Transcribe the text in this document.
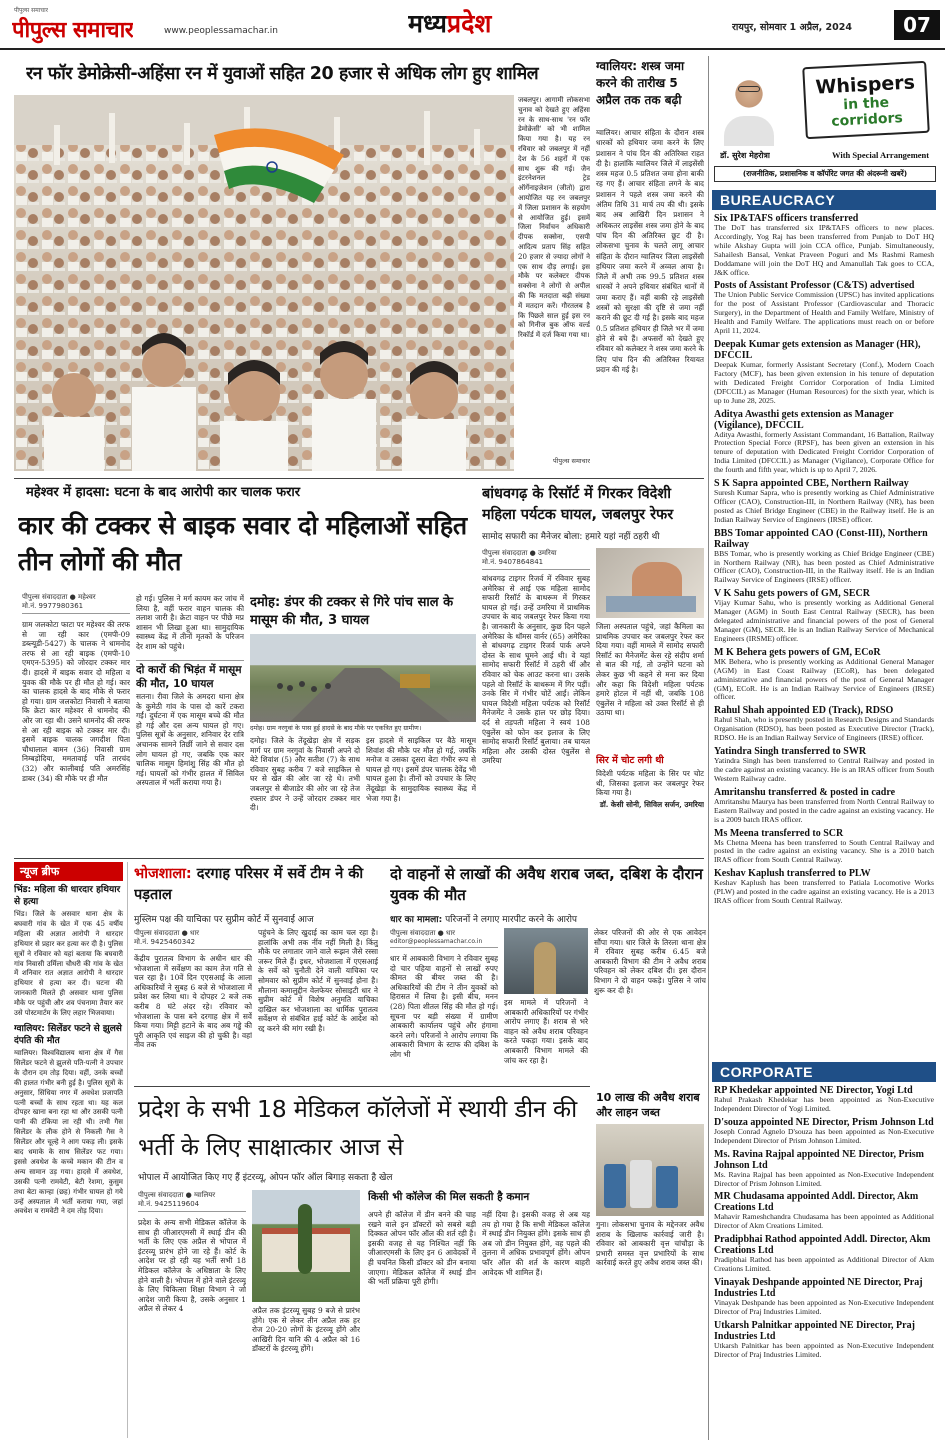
पीपुल्स समाचार
पीपुल्स समाचार	www.peoplessamachar.in	मध्यप्रदेश	रायपुर, सोमवार 1 अप्रैल, 2024	07
रन फॉर डेमोक्रेसी-अहिंसा रन में युवाओं सहित 20 हजार से अधिक लोग हुए शामिल
जबलपुर। आगामी लोकसभा चुनाव को देखते हुए अहिंसा रन के साथ-साथ 'रन फॉर डेमोक्रेसी' को भी शामिल किया गया है। यह रन रविवार को जबलपुर में नहीं देश के 56 शहरों में एक साथ शुरू की गई। जैन इंटरनेशनल ट्रेड ऑर्गेनाइजेशन (जीतो) द्वारा आयोजित यह रन जबलपुर में जिला प्रशासन के सहयोग से आयोजित हुई। इसमें जिला निर्वाचन अधिकारी दीपक सक्सेना, एसपी आदित्य प्रताप सिंह सहित 20 हजार से ज्यादा लोगों ने एक साथ दौड़ लगाई। इस मौके पर कलेक्टर दीपक सक्सेना ने लोगों से अपील की कि मतदाता बढ़ी संख्या में मतदान करें। गौरतलब है कि पिछले साल हुई इस रन को गिनीज बुक ऑफ वर्ल्ड रिकॉर्ड में दर्ज किया गया था।
पीपुल्स समाचार
ग्वालियर: शस्त्र जमा करने की तारीख 5 अप्रैल तक तक बढ़ी
ग्वालियर। आचार संहिता के दौरान शस्त्र धारकों को हथियार जमा करने के लिए प्रशासन ने पांच दिन की अतिरिक्त राहत दी है। हालांकि ग्वालियर जिले में लाइसेंसी शस्त्र महज 0.5 प्रतिशत जमा होना बाकी रह गए हैं। आचार संहिता लगने के बाद प्रशासन ने पहले शस्त्र जमा करने की अंतिम तिथि 31 मार्च तय की थी। इसके बाद अब आखिरी दिन प्रशासन ने अधिकतर लाइसेंस शस्त्र जमा होने के बाद पांच दिन की अतिरिक्त छूट दी है। लोकसभा चुनाव के चलते लागू आचार संहिता के दौरान ग्वालियर जिला लाइसेंसी हथियार जमा करने में अव्वल आया है। जिले में अभी तक 99.5 प्रतिशत शस्त्र धारकों ने अपने हथियार संबंधित थानों में जमा कराए हैं। वहीं बाकी रहे लाइसेंसी शस्त्रों को सुरक्षा की दृष्टि से जमा नहीं कराने की छूट दी गई है। इसके बाद महज 0.5 प्रतिशत हथियार ही जिले भर में जमा होने से बचे हैं। अफसरों को देखते हुए रविवार को कलेक्टर ने शस्त्र जमा करने के लिए पांच दिन की अतिरिक्त रियायत प्रदान की गई है।
Whispers
in the corridors
डॉ. सुरेश मेहरोत्रा	With Special Arrangement
(राजनीतिक, प्रशासनिक व कॉर्पोरेट जगत की अंदरूनी खबरें)
BUREAUCRACY
Six IP&TAFS officers transferred

The DoT has transferred six IP&TAFS officers to new places. Accordingly, Yog Raj has been transferred from Punjab to DoT HQ while Akshay Gupta will join CCA office, Punjab. Simultaneously, Sahailesh Bansal, Venkat Praveen Poguri and Ms Rashmi Ramesh Doddamane will join the DoT HQ and Amanullah Tak goes to CCA, J&K office.

Posts of Assistant Professor (C&TS) advertised

The Union Public Service Commission (UPSC) has invited applications for the post of Assistant Professor (Cardiovascular and Thoracic Surgery), in the Department of Health and Family Welfare, Ministry of Health and Family Welfare. The applications must reach on or before April 11, 2024.

Deepak Kumar gets extension as Manager (HR), DFCCIL

Deepak Kumar, formerly Assistant Secretary (Conf.), Modern Coach Factory (MCF), has been given extension in his tenure of deputation with Dedicated Freight Corridor Corporation of India Limited (DFCCIL) as Manager (Human Resources) for the sixth year, which is up to June 28, 2025.

Aditya Awasthi gets extension as Manager (Vigilance), DFCCIL

Aditya Awasthi, formerly Assistant Commandant, 16 Battalion, Railway Protection Special Force (RPSF), has been given an extension in his tenure of deputation with Dedicated Freight Corridor Corporation of India Limited (DFCCIL) as Manager (Vigilance), Corporate Office for the fourth and fifth year, which is up to April 7, 2026.

S K Sapra appointed CBE, Northern Railway

Suresh Kumar Sapra, who is presently working as Chief Administrative Officer (CAO), Construction-III, in Northern Railway (NR), has been posted as Chief Bridge Engineer (CBE) in the Railway itself. He is an Indian Railway Service of Engineers (IRSE) officer.

BBS Tomar appointed CAO (Const-III), Northern Railway

BBS Tomar, who is presently working as Chief Bridge Engineer (CBE) in Northern Railway (NR), has been posted as Chief Administrative Officer (CAO), Construction-III, in the Railway itself. He is an Indian Railway Service of Engineers (IRSE) officer.

V K Sahu gets powers of GM, SECR

Vijay Kumar Sahu, who is presently working as Additional General Manager (AGM) in South East Central Railway (SECR), has been delegated administrative and financial powers of the post of General Manager (GM), SECR. He is an Indian Railway Service of Mechanical Engineers (IRSME) officer.

M K Behera gets powers of GM, ECoR

MK Behera, who is presently working as Additional General Manager (AGM) in East Coast Railway (ECoR), has been delegated administrative and financial powers of the post of General Manager (GM), ECoR. He is an Indian Railway Service of Engineers (IRSE) officer.

Rahul Shah appointed ED (Track), RDSO

Rahul Shah, who is presently posted in Research Designs and Standards Organisation (RDSO), has been posted as Executive Director (Track), RDSO. He is an Indian Railway Service of Engineers (IRSE) officer.

Yatindra Singh transferred to SWR

Yatindra Singh has been transferred to Central Railway and posted in the cadre against an existing vacancy. He is an IRAS officer from South Western Railway cadre.

Amritanshu transferred & posted in cadre

Amritanshu Maurya has been transferred from North Central Railway to Eastern Railway and posted in the cadre against an existing vacancy. He is a 2009 batch IRAS officer.

Ms Meena transferred to SCR

Ms Chetna Meena has been transferred to South Central Railway and posted in the cadre against an existing vacancy. She is a 2010 batch IRAS officer from South Central Railway.

Keshav Kaplush transferred to PLW

Keshav Kaplush has been transferred to Patiala Locomotive Works (PLW) and posted in the cadre against an existing vacancy. He is a 2013 IRAS officer from South Central Railway.

CORPORATE
RP Khedekar appointed NE Director, Yogi Ltd

Rahul Prakash Khedekar has been appointed as Non-Executive Independent Director of Yogi Limited.

D'souza appointed NE Director, Prism Johnson Ltd

Joseph Conrad Agnelo D'souza has been appointed as Non-Executive Independent Director of Prism Johnson Limited.

Ms. Ravina Rajpal appointed NE Director, Prism Johnson Ltd

Ms. Ravina Rajpal has been appointed as Non-Executive Independent Director of Prism Johnson Limited.

MR Chudasama appointed Addl. Director, Akm Creations Ltd

Mahavir Rameshchandra Chudasama has been appointed as Additional Director of Akm Creations Limited.

Pradipbhai Rathod appointed Addl. Director, Akm Creations Ltd

Pradipbhai Rathod has been appointed as Additional Director of Akm Creations Limited.

Vinayak Deshpande appointed NE Director, Praj Industries Ltd

Vinayak Deshpande has been appointed as Non-Executive Independent Director of Praj Industries Limited.

Utkarsh Palnitkar appointed NE Director, Praj Industries Ltd

Utkarsh Palnitkar has been appointed as Non-Executive Independent Director of Praj Industries Limited.

महेश्वर में हादसा: घटना के बाद आरोपी कार चालक फरार
कार की टक्कर से बाइक सवार दो महिलाओं सहित तीन लोगों की मौत
पीपुल्स संवाददाता ● महेश्वर
मो.नं. 9977980361
ग्राम जलकोटा फाटा पर महेश्वर की तरफ से जा रही कार (एमपी-09 डब्ल्यूडी-5427) के चालक ने धामनोद तरफ से आ रही बाइक (एमपी-10 एमएन-5395) को जोरदार टक्कर मार दी। हादसे में बाइक सवार दो महिला व युवक की मौके पर ही मौत हो गई। कार का चालक हादसे के बाद मौके से फरार हो गया। ग्राम जलकोटा निवासी ने बताया कि क्रेटा कार महेश्वर से धामनोद की ओर जा रहा थी। उसने धामनोद की तरफ से आ रही बाइक को टक्कर मार दी। इसमें बाइक चालक जगदीश पिता चौथालाल बामन (36) निवासी ग्राम निम्बड़ोदिया, ममतावाई पति तारचंद (32) और कालीबाई पति अमरसिंह डाबर (34) की मौके पर ही मौत
हो गई। पुलिस ने मर्ग कायम कर जांच में लिया है, वहीं फरार वाहन चालक की तलाश जारी है। क्रेटा वाहन पर पीछे मप्र शासन भी लिखा हुआ था। सामुदायिक स्वास्थ्य केंद्र में तीनों मृतकों के परिजन देर शाम को पहुंचे।
दो कारों की भिड़ंत में मासूम की मौत, 10 घायल
सतना। रीवा जिले के अमदरा थाना क्षेत्र के कुमेठी गांव के पास दो कारें टकरा गईं। दुर्घटना में एक मासूम बच्चे की मौत हो गई और दस अन्य घायल हो गए। पुलिस सूत्रों के अनुसार, शनिवार देर रात्रि अचानक सामने तिर्छी जाने से सवार दस लोग घायल हो गए, जबकि एक कार चालिक मासूम हिमांशु सिंह की मौत हो गई। घायलों को गंभीर हालत में सिविल अस्पताल में भर्ती कराया गया है।
दमोह: डंपर की टक्कर से गिरे पांच साल के मासूम की मौत, 3 घायल
दमोह। ग्राम नरगुवां के पास हुई हादसे के बाद मौके पर एकत्रित हुए ग्रामीण।
दमोह। जिले के तेंदूखेड़ा क्षेत्र में सड़क मार्ग पर ग्राम नरगुवां के निवासी अपने दो बेटे शिवांश (5) और सतीश (7) के साथ रविवार सुबह करीब 7 बजे साइकिल से घर से खेत की ओर जा रहे थे। तभी जबलपुर से बीजाडेर की ओर जा रहे तेज रफ्तार डंपर ने उन्हें जोरदार टक्कर मार दी।
इस हादसे में साइकिल पर बैठे मासूम शिवांश की मौके पर मौत हो गई, जबकि मनोज व उसका दूसरा बेटा गंभीर रूप से घायल हो गए। इसमें डंपर चालक देवेंद्र भी घायल हुआ है। तीनों को उपचार के लिए तेंदूखेड़ा के सामुदायिक स्वास्थ्य केंद्र में भेजा गया है।
बांधवगढ़ के रिसॉर्ट में गिरकर विदेशी महिला पर्यटक घायल, जबलपुर रेफर
सामोद सफारी का मैनेजर बोला: हमारे यहां नहीं ठहरी थी
पीपुल्स संवाददाता ● उमरिया
मो.नं. 9407864841
बांधवगढ़ टाइगर रिजर्व में रविवार सुबह अमेरिका से आई एक महिला सामोद सफारी रिसॉर्ट के बाथरूम में गिरकर घायल हो गई। उन्हें उमरिया में प्राथमिक उपचार के बाद जबलपुर रेफर किया गया है। जानकारी के अनुसार, कुछ दिन पहले अमेरिका के थॉमस वार्नर (65) अमेरिका से बांधवगढ़ टाइगर रिजर्व पार्क अपने दोस्त के साथ घूमने आई थी। वे यहां सामोद सफारी रिसॉर्ट में ठहरी थीं और रविवार को चेक आउट करना था। उसके पहले वो रिसॉर्ट के बाथरूम में गिर पड़ीं। उनके सिर में गंभीर चोटें आईं। लेकिन घायल विदेशी महिला पर्यटक को रिसॉर्ट मैनेजमेंट ने उसके हाल पर छोड़ दिया। दर्द से तड़पती महिला ने स्वयं 108 एंबुलेंस को फोन कर इलाज के लिए सामोद सफारी रिसॉर्ट बुलाया। तब घायल महिला और उसकी दोस्त एंबुलेंस से उमरिया
जिला अस्पताल पहुंचे, जहां कैमिला का प्राथमिक उपचार कर जबलपुर रेफर कर दिया गया। वहीं मामले में सामोद सफारी रिसॉर्ट का मैनेजमेंट केस रहे संदीप शर्मा से बात की गई, तो उन्होंने घटना को लेकर कुछ भी कहने से मना कर दिया और कहा कि विदेशी महिला पर्यटक हमारे होटल में नहीं थी, जबकि 108 एंबुलेंस ने महिला को उक्त रिसॉर्ट से ही उठाया था।
सिर में चोट लगी थी
विदेशी पर्यटक महिला के सिर पर चोट थी, जिसका इलाज कर जबलपुर रेफर किया गया है।
डॉ. केसी सोनी, सिविल सर्जन, उमरिया
न्यूज ब्रीफ
भिंड: महिला की धारदार हथियार से हत्या
भिंड। जिले के असवार थाना क्षेत्र के बघवारी गांव के खेत में एक 45 वर्षीय महिला की अज्ञात आरोपी ने धारदार हथियार से प्रहार कर हत्या कर दी है। पुलिस सूत्रों ने रविवार को यहां बताया कि बघवारी गांव निवासी उर्मिला चौधरी की गांव के खेत में शनिवार रात अज्ञात आरोपी ने धारदार हथियार से हत्या कर दी। घटना की जानकारी मिलते ही असवार थाना पुलिस मौके पर पहुंची और शव पंचनामा तैयार कर उसे पोस्टमार्टम के लिए लहार भिजवाया।
ग्वालियर: सिलेंडर फटने से झुलसे दंपति की मौत
ग्वालियर। विश्वविद्यालय थाना क्षेत्र में गैस सिलेंडर फटने से झुलसे पति-पत्नी ने उपचार के दौरान दम तोड़ दिया। वहीं, उनके बच्चों की हालत गंभीर बनी हुई है। पुलिस सूत्रों के अनुसार, सिंधिया नगर में अवधेश प्रजापति पत्नी बच्चों के साथ रहता था। यह कल दोपहर खाना बना रहा था और उसकी पत्नी पानी की टंकिया ला रही थी। तभी गैस सिलेंडर के लीक होने से निकली गैस ने सिलेंडर और चूल्हे ने आग पकड़ ली। इसके बाद धमाके के साथ सिलेंडर फट गया। इससे अवधेश के कच्चे मकान की टीन व अन्य सामान उड़ गया। हादसे में अवधेश, उसकी पत्नी रामवेटी, बेटी रेशमा, कुसुम तथा बेटा कान्हा (छह) गंभीर घायल हो गये उन्हें अस्पताल में भर्ती कराया गया, जहां अवधेश व रामवेटी ने दम तोड़ दिया।
भोजशाला: दरगाह परिसर में सर्वे टीम ने की पड़ताल
मुस्लिम पक्ष की याचिका पर सुप्रीम कोर्ट में सुनवाई आज
पीपुल्स संवाददाता ● धार
मो.नं. 9425460342
केंद्रीय पुरातत्व विभाग के अधीन धार की भोजशाला में सर्वेक्षण का काम तेज गति से चल रहा है। 10वें दिन एएसआई के आला अधिकारियों ने सुबह 6 बजे से भोजशाला में प्रवेश कर लिया था। ये दोपहर 2 बजे तक करीब 8 घंटे अंदर रहे। रविवार को भोजशाला के पास बने दरगाह क्षेत्र में सर्वे किया गया। मिट्टी हटाने के बाद अब गड्ढे की पूरी आकृति एवं साइज की हो चुकी है। वहां नीव तक
पहुंचने के लिए खुदाई का काम चल रहा है। हालांकि अभी तक नींव नहीं मिली है। किंतु मौके पर लगातार जाने वाले रूझन जैसे रस्सा जरूर मिले हैं। इधर, भोजशाला में एएसआई के सर्वे को चुनौती देने वाली याचिका पर सोमवार को सुप्रीम कोर्ट में सुनवाई होना है। मौलाना कमालुद्दीन वेलफेयर सोसाइटी धार ने सुप्रीम कोर्ट में विशेष अनुमति याचिका दाखिल कर भोजशाला का धार्मिक पुरातत्व सर्वेक्षण से संबंधित हाई कोर्ट के आदेश को रद्द करने की मांग रखी है।
दो वाहनों से लाखों की अवैध शराब जब्त, दबिश के दौरान युवक की मौत
धार का मामला: परिजनों ने लगाए मारपीट करने के आरोप
पीपुल्स संवाददाता ● धार
editor@peoplessamachar.co.in
धार में आबकारी विभाग ने रविवार सुबह दो चार पहिया वाहनों से लाखों रुपए कीमत की बीयर जब्त की है। अधिकारियों की टीम ने तीन युवकों को हिरासत में लिया है। इसी बीच, मनन (28) पिता शीतल सिंह की मौत हो गई। सूचना पर बड़ी संख्या में ग्रामीण आबकारी कार्यालय पहुंचे और हंगामा करने लगे। परिजनों ने आरोप लगाया कि आबकारी विभाग के स्टाफ की दबिश के लोग भी
इस मामले में परिजनों ने आबकारी अधिकारियों पर गंभीर आरोप लगाए हैं। शराब से भरे वाहन को अवैध शराब परिवहन करते पकड़ा गया। इसके बाद आबकारी विभाग मामले की जांच कर रहा है।
लेकर परिजनों की ओर से एक आवेदन सौंपा गया। धार जिले के तिरला थाना क्षेत्र में रविवार सुबह करीब 6.45 बजे आबकारी विभाग की टीम ने अवैध शराब परिवहन को लेकर दबिश दी। इस दौरान विभाग ने दो वाहन पकड़े। पुलिस ने जांच शुरू कर दी है।
प्रदेश के सभी 18 मेडिकल कॉलेजों में स्थायी डीन की भर्ती के लिए साक्षात्कार आज से
भोपाल में आयोजित किए गए हैं इंटरव्यू, ओपन फॉर ऑल बिगाड़ सकता है खेल
पीपुल्स संवाददाता ● ग्वालियर
मो.नं. 9425119604
प्रदेश के अन्य सभी मेडिकल कॉलेज के साथ ही जीआरएमसी में स्थाई डीन की भर्ती के लिए एक अप्रैल से भोपाल में इंटरव्यू प्रारंभ होने जा रहे हैं। कोर्ट के आदेश पर हो रही यह भर्ती सभी 18 मेडिकल कॉलेज के अधिष्ठाता के लिए होने वाली है। भोपाल में होने वाले इंटरव्यू के लिए चिकित्सा शिक्षा विभाग ने जो आदेश जारी किया है, उसके अनुसार 1 अप्रैल से लेकर 4	अप्रैल तक इंटरव्यू सुबह 9 बजे से प्रारंभ होंगे। एक से लेकर तीन अप्रैल तक हर रोज 20-20 लोगों के इंटरव्यू होंगे और आखिरी दिन यानि की 4 अप्रैल को 16 डॉक्टरों के इंटरव्यू होंगे।
किसी भी कॉलेज की मिल सकती है कमान
अपने ही कॉलेज में डीन बनने की चाह रखने वाले इन डॉक्टरों को सबसे बड़ी दिक्कत ओपन फॉर ऑल की शर्त रही है। इसकी वजह से यह निश्चित नहीं कि जीआरएमसी के लिए इन 6 आवेदकों में ही चयनित किसी डॉक्टर को डीन बनाया जाएगा। मेडिकल कॉलेज में स्थाई डीन की भर्ती प्रक्रिया पूरी होगी।
नहीं दिया है। इसकी वजह से अब यह तय हो गया है कि सभी मेडिकल कॉलेज में स्थाई डीन नियुक्त होंगे। इसके साथ ही अब जो डीन नियुक्त होंगे, वह पहले की तुलना में अधिक प्रभावपूर्ण होंगे। ओपन फॉर ऑल की शर्त के कारण बाहरी आवेदक भी शामिल हैं।
10 लाख की अवैध शराब और लाहन जब्त
गुना। लोकसभा चुनाव के मद्देनजर अवैध शराब के खिलाफ कार्रवाई जारी है। रविवार को आबकारी वृत्त चांचौड़ा के प्रभारी समस्त वृत्त प्रभारियों के साथ कार्रवाई करते हुए अवैध शराब जब्त की।
